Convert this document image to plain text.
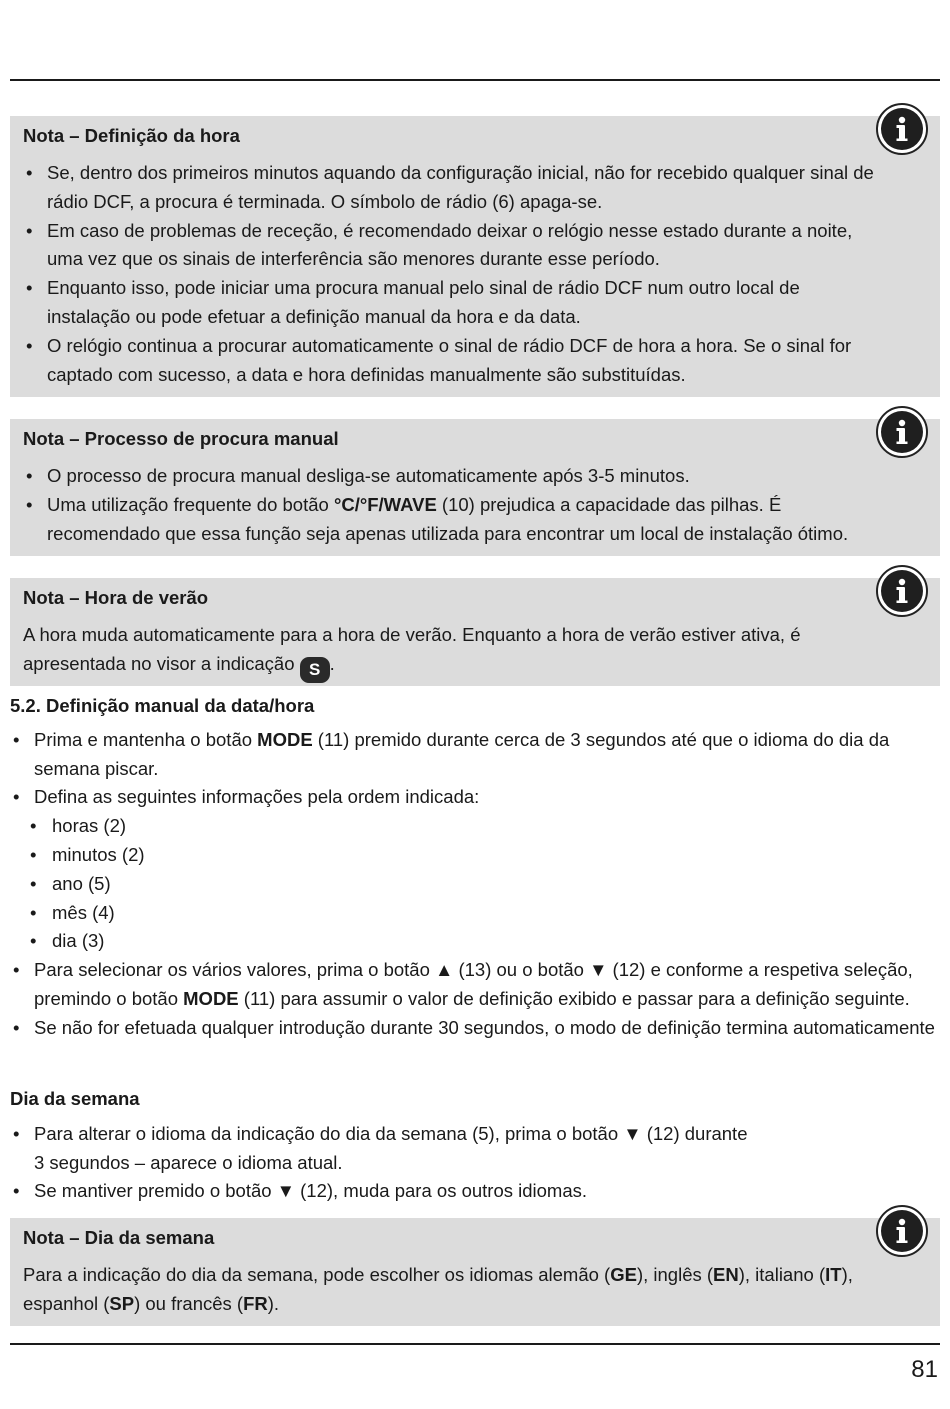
Nota – Definição da hora
• Se, dentro dos primeiros minutos aquando da configuração inicial, não for recebido qualquer sinal de rádio DCF, a procura é terminada. O símbolo de rádio (6) apaga-se.
• Em caso de problemas de receção, é recomendado deixar o relógio nesse estado durante a noite, uma vez que os sinais de interferência são menores durante esse período.
• Enquanto isso, pode iniciar uma procura manual pelo sinal de rádio DCF num outro local de instalação ou pode efetuar a definição manual da hora e da data.
• O relógio continua a procurar automaticamente o sinal de rádio DCF de hora a hora. Se o sinal for captado com sucesso, a data e hora definidas manualmente são substituídas.
Nota – Processo de procura manual
• O processo de procura manual desliga-se automaticamente após 3-5 minutos.
• Uma utilização frequente do botão °C/°F/WAVE (10) prejudica a capacidade das pilhas. É recomendado que essa função seja apenas utilizada para encontrar um local de instalação ótimo.
Nota – Hora de verão

A hora muda automaticamente para a hora de verão. Enquanto a hora de verão estiver ativa, é apresentada no visor a indicação S .

5.2. Definição manual da data/hora

• Prima e mantenha o botão MODE (11) premido durante cerca de 3 segundos até que o idioma do dia da semana piscar.
• Defina as seguintes informações pela ordem indicada:
• horas (2)
• minutos (2)
• ano (5)
• mês (4)
• dia (3)
• Para selecionar os vários valores, prima o botão ▲ (13) ou o botão ▼ (12) e conforme a respetiva seleção, premindo o botão MODE (11) para assumir o valor de definição exibido e passar para a definição seguinte.
• Se não for efetuada qualquer introdução durante 30 segundos, o modo de definição termina automaticamente

Dia da semana

• Para alterar o idioma da indicação do dia da semana (5), prima o botão ▼ (12) durante
3 segundos – aparece o idioma atual.
• Se mantiver premido o botão ▼ (12), muda para os outros idiomas.
Nota – Dia da semana

Para a indicação do dia da semana, pode escolher os idiomas alemão (GE), inglês (EN), italiano (IT), espanhol (SP) ou francês (FR).

81
